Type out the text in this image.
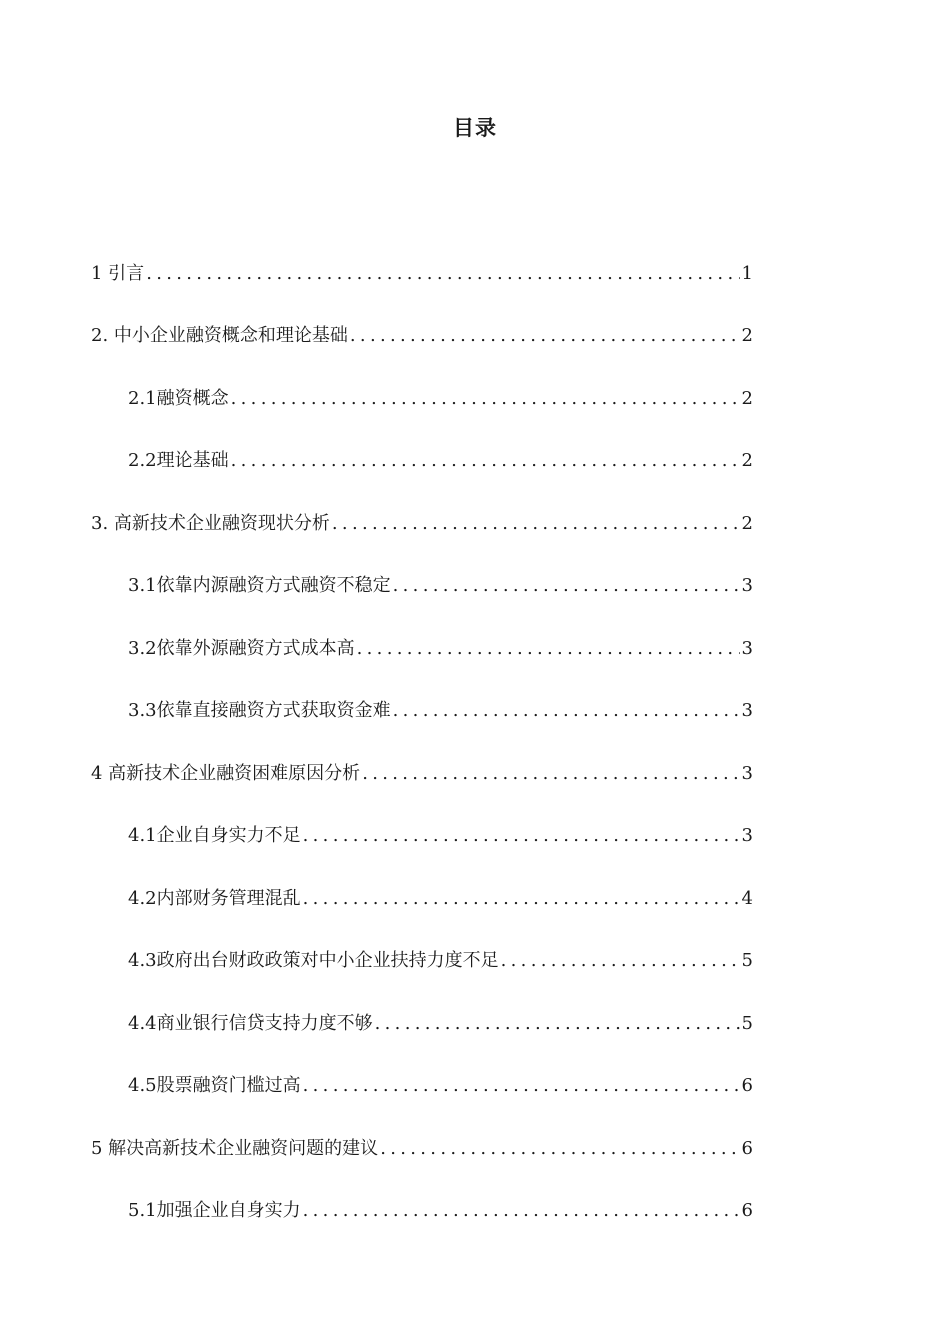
目录
1 引言 .....	1
2. 中小企业融资概念和理论基础 .....	2
2.1融资概念 .....	2
2.2理论基础 .....	2
3. 高新技术企业融资现状分析 .....	2
3.1依靠内源融资方式融资不稳定 .....	3
3.2依靠外源融资方式成本高 .....	3
3.3依靠直接融资方式获取资金难 .....	3
4 高新技术企业融资困难原因分析 .....	3
4.1企业自身实力不足 .....	3
4.2内部财务管理混乱 .....	4
4.3政府出台财政政策对中小企业扶持力度不足 .....	5
4.4商业银行信贷支持力度不够 .....	5
4.5股票融资门槛过高 .....	6
5 解决高新技术企业融资问题的建议 .....	6
5.1加强企业自身实力 .....	6
